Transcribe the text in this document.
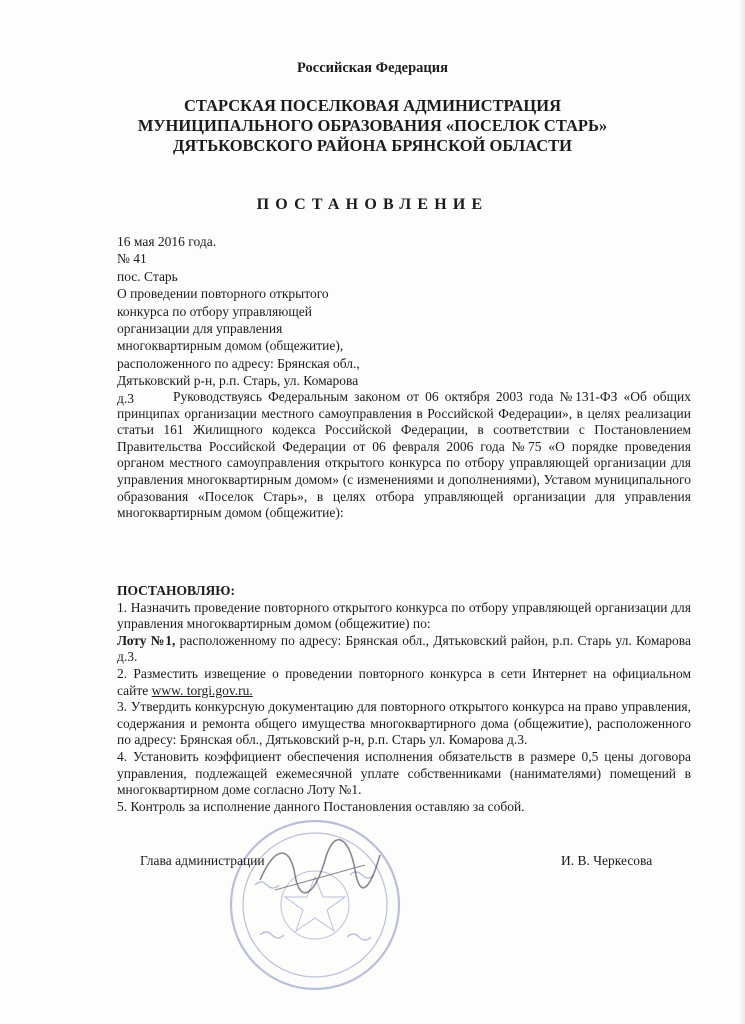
Российская Федерация
СТАРСКАЯ ПОСЕЛКОВАЯ АДМИНИСТРАЦИЯ
МУНИЦИПАЛЬНОГО ОБРАЗОВАНИЯ «ПОСЕЛОК СТАРЬ»
ДЯТЬКОВСКОГО РАЙОНА БРЯНСКОЙ ОБЛАСТИ
ПОСТАНОВЛЕНИЕ
16 мая 2016 года.
№ 41
пос. Старь
О проведении повторного открытого
конкурса по отбору управляющей
организации для управления
многоквартирным домом (общежитие),
расположенного по адресу: Брянская обл.,
Дятьковский р-н, р.п. Старь, ул. Комарова
д.3	Руководствуясь Федеральным законом от 06 октября 2003 года №131-ФЗ «Об общих принципах организации местного самоуправления в Российской Федерации», в целях реализации статьи 161 Жилищного кодекса Российской Федерации, в соответствии с Постановлением Правительства Российской Федерации от 06 февраля 2006 года №75 «О порядке проведения органом местного самоуправления открытого конкурса по отбору управляющей организации для управления многоквартирным домом» (с изменениями и дополнениями), Уставом муниципального образования «Поселок Старь», в целях отбора управляющей организации для управления многоквартирным домом (общежитие):
ПОСТАНОВЛЯЮ:

1. Назначить проведение повторного открытого конкурса по отбору управляющей организации для управления многоквартирным домом (общежитие) по:

Лоту №1, расположенному по адресу: Брянская обл., Дятьковский район, р.п. Старь ул. Комарова д.3.

2. Разместить извещение о проведении повторного конкурса в сети Интернет на официальном сайте www. torgi.gov.ru.

3. Утвердить конкурсную документацию для повторного открытого конкурса на право управления, содержания и ремонта общего имущества многоквартирного дома (общежитие), расположенного по адресу: Брянская обл., Дятьковский р-н, р.п. Старь ул. Комарова д.3.

4. Установить коэффициент обеспечения исполнения обязательств в размере 0,5 цены договора управления, подлежащей ежемесячной уплате собственниками (нанимателями) помещений в многоквартирном доме согласно Лоту №1.

5. Контроль за исполнение данного Постановления оставляю за собой.

Глава администрации	И. В. Черкесова
